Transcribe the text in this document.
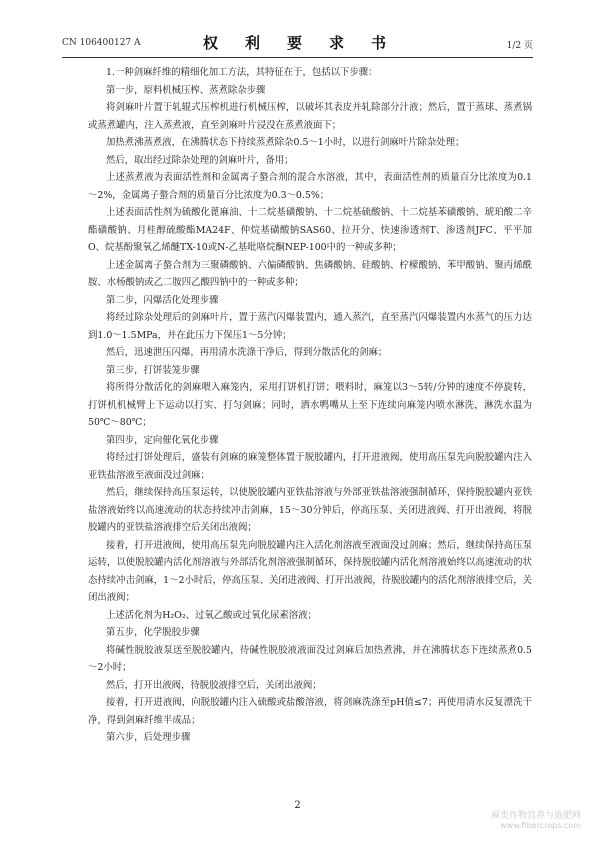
CN 106400127 A	权　利　要　求　书	1/2 页

1.一种剑麻纤维的精细化加工方法，其特征在于，包括以下步骤：

第一步，原料机械压榨、蒸煮除杂步骤

将剑麻叶片置于轧辊式压榨机进行机械压榨，以破坏其表皮并轧除部分汁液；然后，置于蒸球、蒸煮锅或蒸煮罐内，注入蒸煮液，直至剑麻叶片浸没在蒸煮液面下；

加热煮沸蒸煮液，在沸腾状态下持续蒸煮除杂0.5～1小时，以进行剑麻叶片除杂处理；

然后，取出经过除杂处理的剑麻叶片，备用；

上述蒸煮液为表面活性剂和金属离子螯合剂的混合水溶液，其中，表面活性剂的质量百分比浓度为0.1～2%，金属离子螯合剂的质量百分比浓度为0.3～0.5%；

上述表面活性剂为硫酸化蓖麻油、十二烷基磺酸钠、十二烷基硫酸钠、十二烷基苯磺酸钠、琥珀酸二辛酯磺酸钠、月桂醇硫酸酯MA24F、仲烷基磺酸钠SAS60、拉开分、快速渗透剂T、渗透剂JFC、平平加O、烷基酚聚氧乙烯醚TX-10或N-乙基吡咯烷酮NEP-100中的一种或多种；

上述金属离子螯合剂为三聚磷酸钠、六偏磷酸钠、焦磷酸钠、硅酸钠、柠檬酸钠、苯甲酸钠、聚丙烯酰胺、水杨酸钠或乙二胺四乙酸四钠中的一种或多种；

第二步，闪爆活化处理步骤

将经过除杂处理后的剑麻叶片，置于蒸汽闪爆装置内，通入蒸汽，直至蒸汽闪爆装置内水蒸气的压力达到1.0～1.5MPa，并在此压力下保压1～5分钟；

然后，迅速泄压闪爆，再用清水洗涤干净后，得到分散活化的剑麻；

第三步，打饼装笼步骤

将所得分散活化的剑麻喂入麻笼内，采用打饼机打饼；喂料时，麻笼以3～5转/分钟的速度不停旋转，打饼机机械臂上下运动以打实、打匀剑麻；同时，洒水鸭嘴从上至下连续向麻笼内喷水淋洗，淋洗水温为50℃～80℃；

第四步，定向催化氧化步骤

将经过打饼处理后，盛装有剑麻的麻笼整体置于脱胶罐内，打开进液阀，使用高压泵先向脱胶罐内注入亚铁盐溶液至液面没过剑麻；

然后，继续保持高压泵运转，以使脱胶罐内亚铁盐溶液与外部亚铁盐溶液强制循环，保持脱胶罐内亚铁盐溶液始终以高速流动的状态持续冲击剑麻，15～30分钟后，停高压泵、关闭进液阀、打开出液阀，将脱胶罐内的亚铁盐溶液排空后关闭出液阀；

接着，打开进液阀，使用高压泵先向脱胶罐内注入活化剂溶液至液面没过剑麻；然后，继续保持高压泵运转，以使脱胶罐内活化剂溶液与外部活化剂溶液强制循环，保持脱胶罐内活化剂溶液始终以高速流动的状态持续冲击剑麻，1～2小时后，停高压泵、关闭进液阀、打开出液阀，待脱胶罐内的活化剂溶液排空后，关闭出液阀；

上述活化剂为H₂O₂、过氧乙酸或过氧化尿素溶液；

第五步，化学脱胶步骤

将碱性脱胶液泵送至脱胶罐内，待碱性脱胶液液面没过剑麻后加热煮沸，并在沸腾状态下连续蒸煮0.5～2小时；

然后，打开出液阀，待脱胶液排空后，关闭出液阀；

接着，打开进液阀，向脱胶罐内注入硫酸或盐酸溶液，将剑麻洗涤至pH值≤7；再使用清水反复漂洗干净，得到剑麻纤维半成品；

第六步，后处理步骤

2
麻类作物营养与施肥网
www.fibercrops.com
